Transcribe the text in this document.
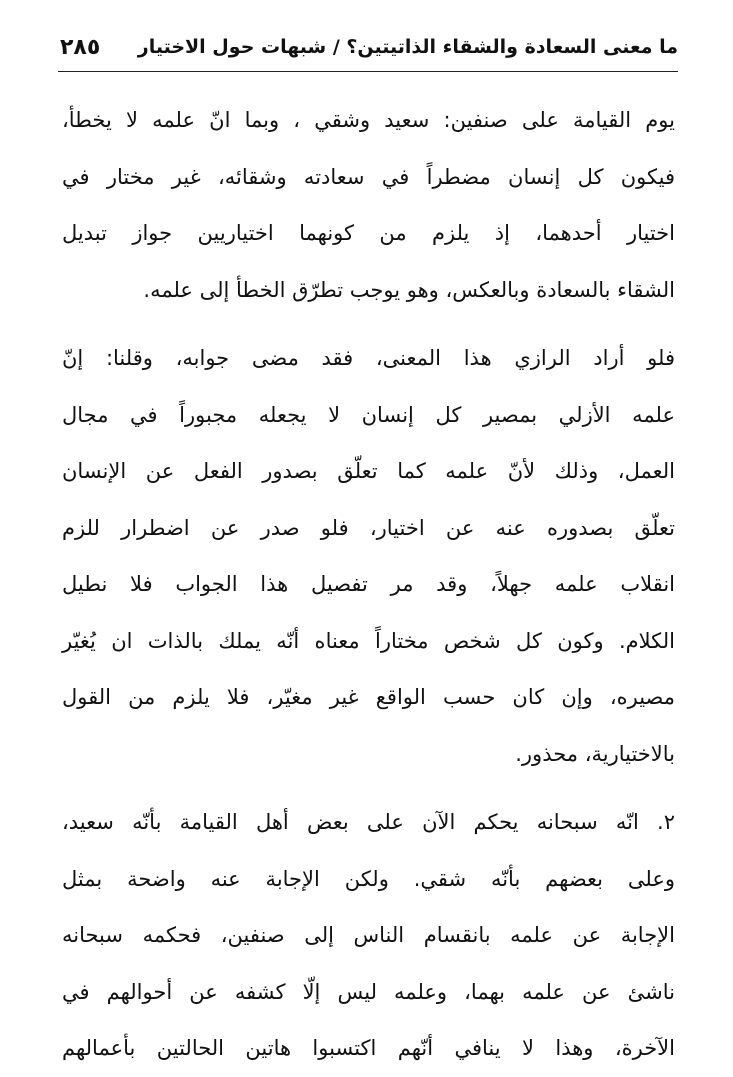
ما معنى السعادة والشقاء الذاتيتين؟ / شبهات حول الاختيار
٢٨٥
يوم القيامة على صنفين: سعيد وشقي ، وبما انّ علمه لا يخطأ،
فيكون كل إنسان مضطراً في سعادته وشقائه، غير مختار في
اختيار أحدهما، إذ يلزم من كونهما اختياريين جواز تبديل
الشقاء بالسعادة وبالعكس، وهو يوجب تطرّق الخطأ إلى علمه.
فلو أراد الرازي هذا المعنى، فقد مضى جوابه، وقلنا: إنّ
علمه الأزلي بمصير كل إنسان لا يجعله مجبوراً في مجال
العمل، وذلك لأنّ علمه كما تعلّق بصدور الفعل عن الإنسان
تعلّق بصدوره عنه عن اختيار، فلو صدر عن اضطرار للزم
انقلاب علمه جهلاً، وقد مر تفصيل هذا الجواب فلا نطيل
الكلام. وكون كل شخص مختاراً معناه أنّه يملك بالذات ان يُغيّر
مصيره، وإن كان حسب الواقع غير مغيّر، فلا يلزم من القول
بالاختيارية، محذور.
٢. انّه سبحانه يحكم الآن على بعض أهل القيامة بأنّه سعيد،
وعلى بعضهم بأنّه شقي. ولكن الإجابة عنه واضحة بمثل
الإجابة عن علمه بانقسام الناس إلى صنفين، فحكمه سبحانه
ناشئ عن علمه بهما، وعلمه ليس إلّا كشفه عن أحوالهم في
الآخرة، وهذا لا ينافي أنّهم اكتسبوا هاتين الحالتين بأعمالهم
